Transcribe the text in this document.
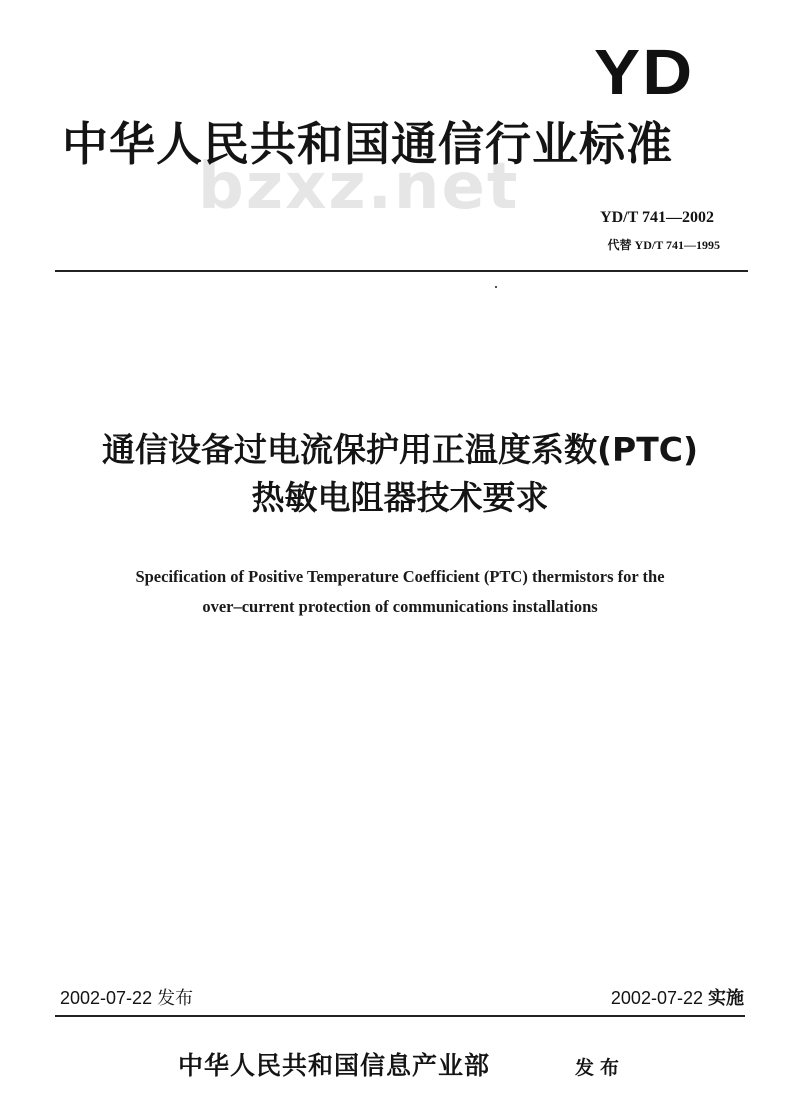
YD
bzxz.net
中华人民共和国通信行业标准
YD/T 741—2002
代替 YD/T 741—1995
通信设备过电流保护用正温度系数(PTC)
热敏电阻器技术要求
Specification of Positive Temperature Coefficient (PTC) thermistors for the
over–current protection of communications installations
2002-07-22 发布	2002-07-22 实施
中华人民共和国信息产业部	发布
